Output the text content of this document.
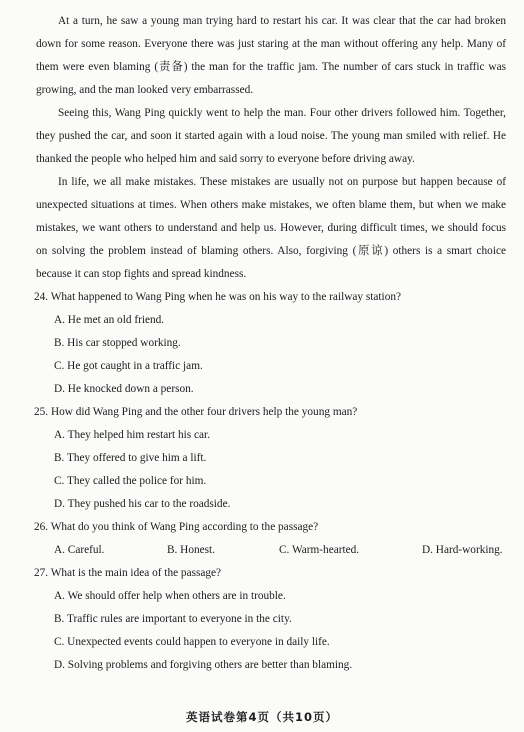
At a turn, he saw a young man trying hard to restart his car. It was clear that the car had broken down for some reason. Everyone there was just staring at the man without offering any help. Many of them were even blaming (责备) the man for the traffic jam. The number of cars stuck in traffic was growing, and the man looked very embarrassed.

Seeing this, Wang Ping quickly went to help the man. Four other drivers followed him. Together, they pushed the car, and soon it started again with a loud noise. The young man smiled with relief. He thanked the people who helped him and said sorry to everyone before driving away.

In life, we all make mistakes. These mistakes are usually not on purpose but happen because of unexpected situations at times. When others make mistakes, we often blame them, but when we make mistakes, we want others to understand and help us. However, during difficult times, we should focus on solving the problem instead of blaming others. Also, forgiving (原谅) others is a smart choice because it can stop fights and spread kindness.

24. What happened to Wang Ping when he was on his way to the railway station?

A. He met an old friend.

B. His car stopped working.

C. He got caught in a traffic jam.

D. He knocked down a person.

25. How did Wang Ping and the other four drivers help the young man?

A. They helped him restart his car.

B. They offered to give him a lift.

C. They called the police for him.

D. They pushed his car to the roadside.

26. What do you think of Wang Ping according to the passage?

A. Careful.	B. Honest.	C. Warm-hearted.	D. Hard-working.

27. What is the main idea of the passage?

A. We should offer help when others are in trouble.

B. Traffic rules are important to everyone in the city.

C. Unexpected events could happen to everyone in daily life.

D. Solving problems and forgiving others are better than blaming.

英语试卷第4页（共10页）
